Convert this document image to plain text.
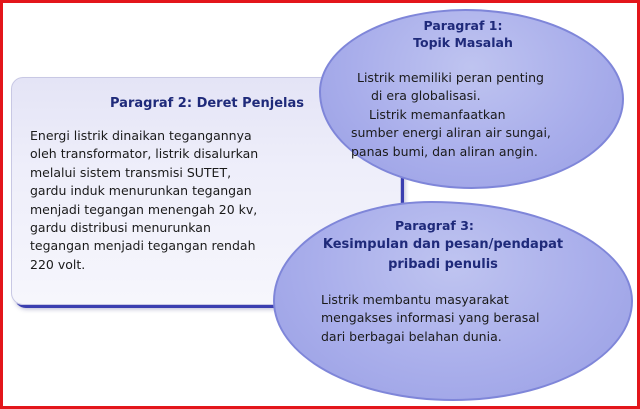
Paragraf 2: Deret Penjelas
Energi listrik dinaikan tegangannya
oleh transformator, listrik disalurkan
melalui sistem transmisi SUTET,
gardu induk menurunkan tegangan
menjadi tegangan menengah 20 kv,
gardu distribusi menurunkan
tegangan menjadi tegangan rendah
220 volt.
Paragraf 1:
Topik Masalah
Listrik memiliki peran penting
di era globalisasi.
Listrik memanfaatkan
sumber energi aliran air sungai,
panas bumi, dan aliran angin.
Paragraf 3:
Kesimpulan dan pesan/pendapat
pribadi penulis
Listrik membantu masyarakat
mengakses informasi yang berasal
dari berbagai belahan dunia.
